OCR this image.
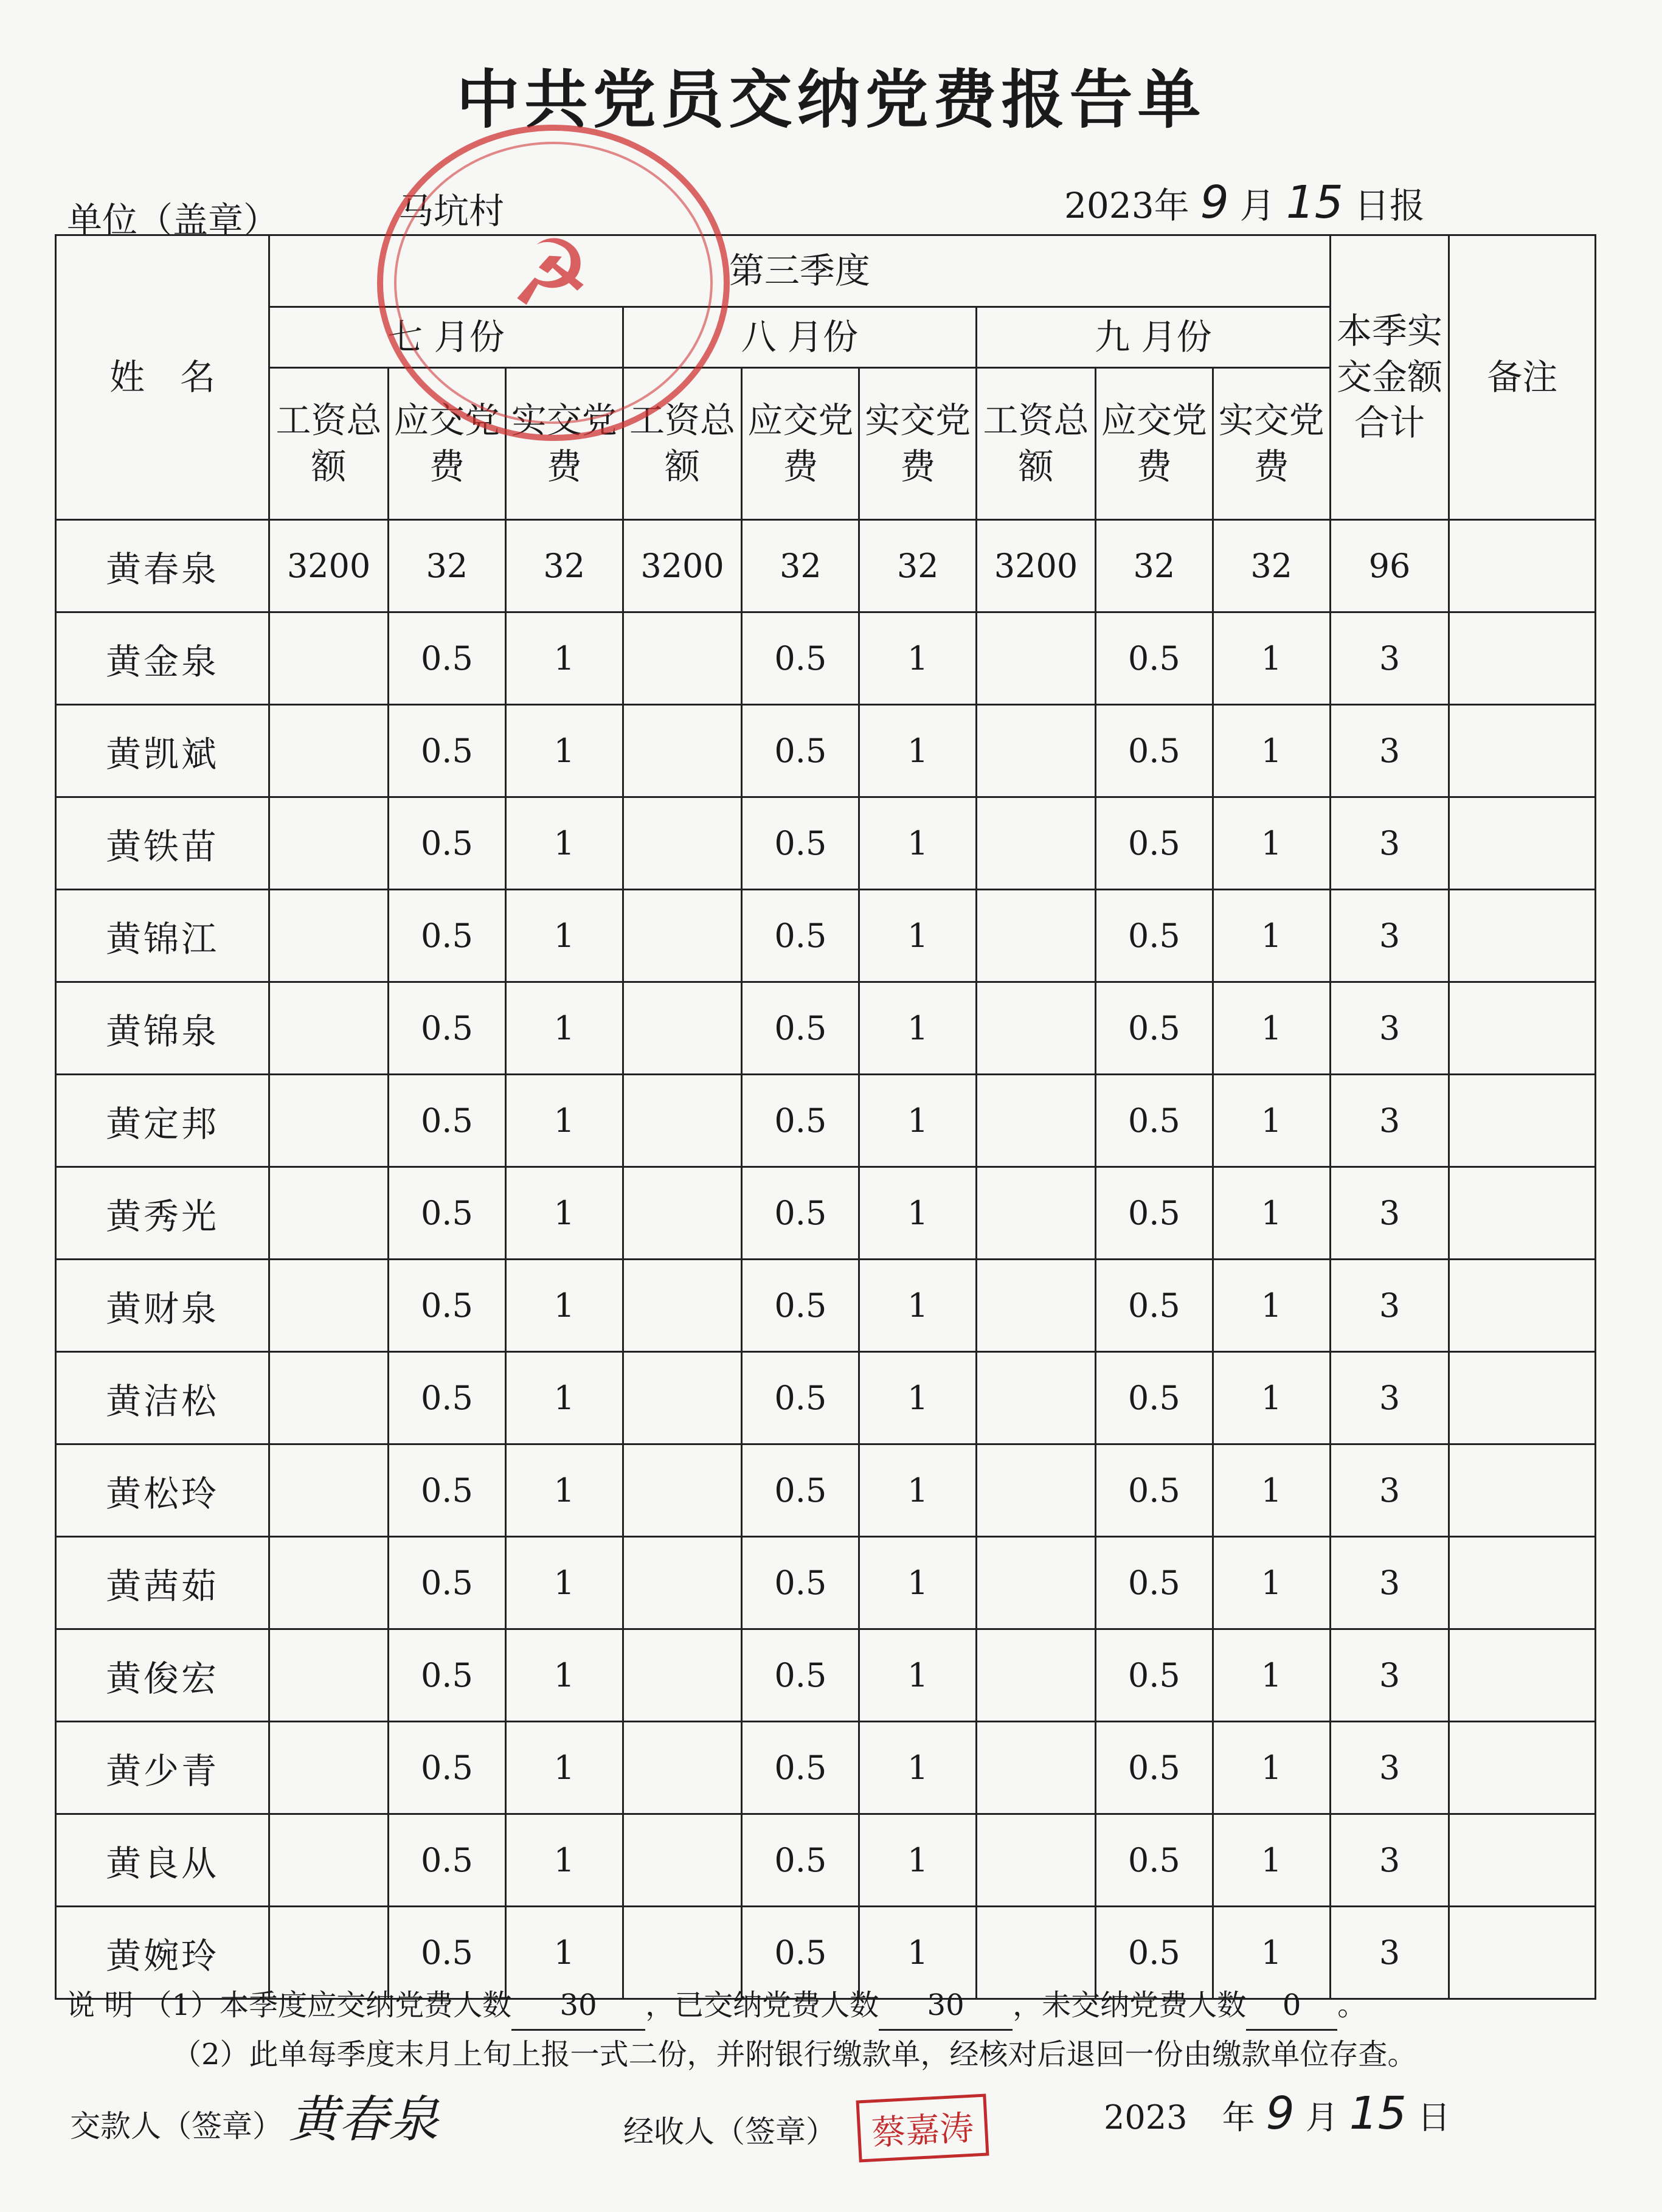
中共党员交纳党费报告单
单位（盖章）	马坑村	2023年 9 月 15 日报
姓　名	第三季度									本季实交金额合计	备注
	七 月份			八 月份			九 月份				
	工资总额	应交党费	实交党费	工资总额	应交党费	实交党费	工资总额	应交党费	实交党费		
黄春泉	3200	32	32	3200	32	32	3200	32	32	96	
黄金泉		0.5	1		0.5	1		0.5	1	3	
黄凯斌		0.5	1		0.5	1		0.5	1	3	
黄铁苗		0.5	1		0.5	1		0.5	1	3	
黄锦江		0.5	1		0.5	1		0.5	1	3	
黄锦泉		0.5	1		0.5	1		0.5	1	3	
黄定邦		0.5	1		0.5	1		0.5	1	3	
黄秀光		0.5	1		0.5	1		0.5	1	3	
黄财泉		0.5	1		0.5	1		0.5	1	3	
黄洁松		0.5	1		0.5	1		0.5	1	3	
黄松玲		0.5	1		0.5	1		0.5	1	3	
黄茜茹		0.5	1		0.5	1		0.5	1	3	
黄俊宏		0.5	1		0.5	1		0.5	1	3	
黄少青		0.5	1		0.5	1		0.5	1	3	
黄良从		0.5	1		0.5	1		0.5	1	3	
黄婉玲		0.5	1		0.5	1		0.5	1	3	
☭
说 明 （1）本季度应交纳党费人数 30 ，已交纳党费人数 30 ，未交纳党费人数 0 。
（2）此单每季度末月上旬上报一式二份，并附银行缴款单，经核对后退回一份由缴款单位存查。
交款人（签章） 黄春泉	经收人（签章） 蔡嘉涛	2023 年 9 月 15 日
